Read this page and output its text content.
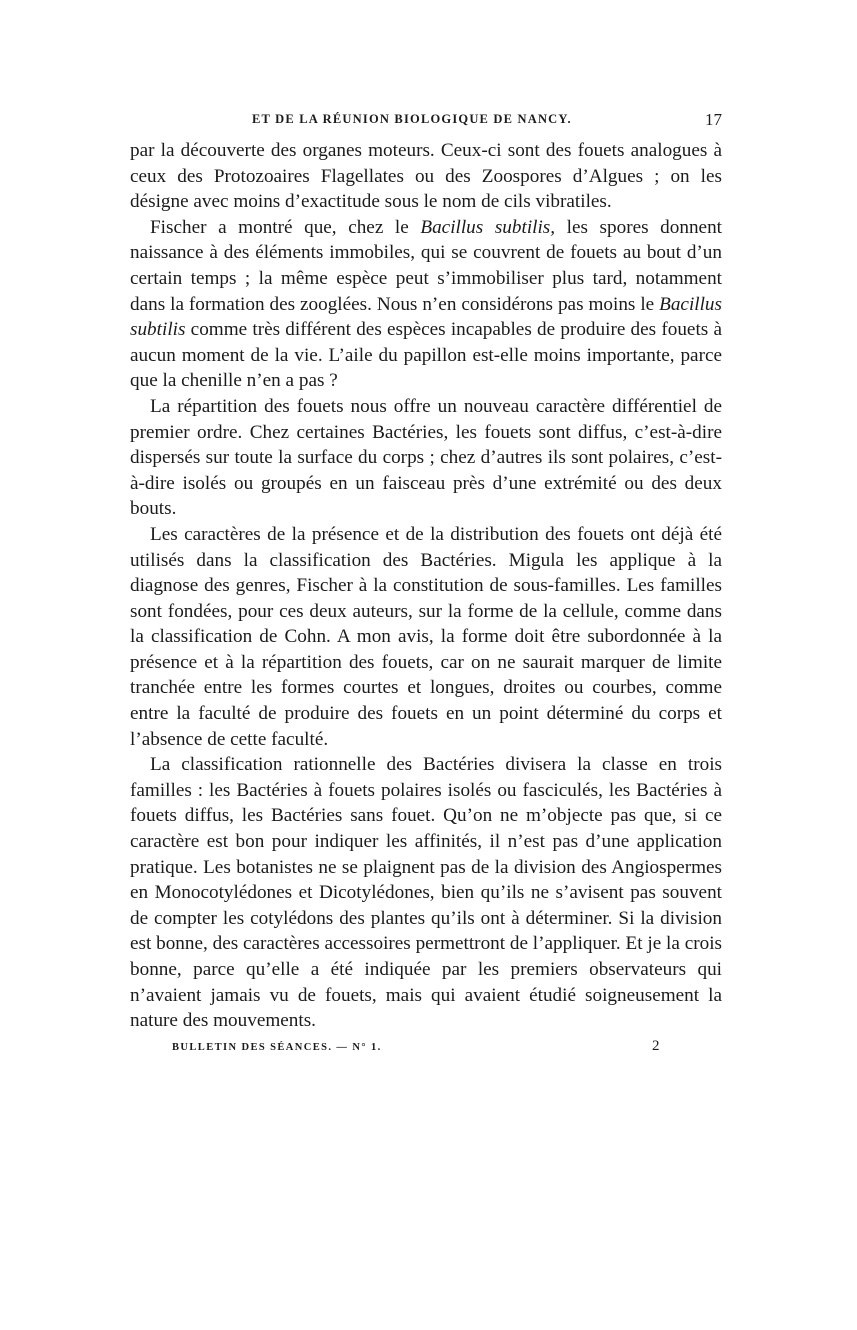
ET DE LA RÉUNION BIOLOGIQUE DE NANCY.	17

par la découverte des organes moteurs. Ceux-ci sont des fouets analogues à ceux des Protozoaires Flagellates ou des Zoospores d’Algues ; on les désigne avec moins d’exactitude sous le nom de cils vibratiles.

Fischer a montré que, chez le Bacillus subtilis, les spores donnent naissance à des éléments immobiles, qui se couvrent de fouets au bout d’un certain temps ; la même espèce peut s’immobiliser plus tard, notamment dans la formation des zooglées. Nous n’en considérons pas moins le Bacillus subtilis comme très différent des espèces incapables de produire des fouets à aucun moment de la vie. L’aile du papillon est-elle moins importante, parce que la chenille n’en a pas ?

La répartition des fouets nous offre un nouveau caractère différentiel de premier ordre. Chez certaines Bactéries, les fouets sont diffus, c’est-à-dire dispersés sur toute la surface du corps ; chez d’autres ils sont polaires, c’est-à-dire isolés ou groupés en un faisceau près d’une extrémité ou des deux bouts.

Les caractères de la présence et de la distribution des fouets ont déjà été utilisés dans la classification des Bactéries. Migula les applique à la diagnose des genres, Fischer à la constitution de sous-familles. Les familles sont fondées, pour ces deux auteurs, sur la forme de la cellule, comme dans la classification de Cohn. A mon avis, la forme doit être subordonnée à la présence et à la répartition des fouets, car on ne saurait marquer de limite tranchée entre les formes courtes et longues, droites ou courbes, comme entre la faculté de produire des fouets en un point déterminé du corps et l’absence de cette faculté.

La classification rationnelle des Bactéries divisera la classe en trois familles : les Bactéries à fouets polaires isolés ou fasciculés, les Bactéries à fouets diffus, les Bactéries sans fouet. Qu’on ne m’objecte pas que, si ce caractère est bon pour indiquer les affinités, il n’est pas d’une application pratique. Les botanistes ne se plaignent pas de la division des Angiospermes en Monocotylédones et Dicotylédones, bien qu’ils ne s’avisent pas souvent de compter les cotylédons des plantes qu’ils ont à déterminer. Si la division est bonne, des caractères accessoires permettront de l’appliquer. Et je la crois bonne, parce qu’elle a été indiquée par les premiers observateurs qui n’avaient jamais vu de fouets, mais qui avaient étudié soigneusement la nature des mouvements.

BULLETIN DES SÉANCES. — N° 1.	2
